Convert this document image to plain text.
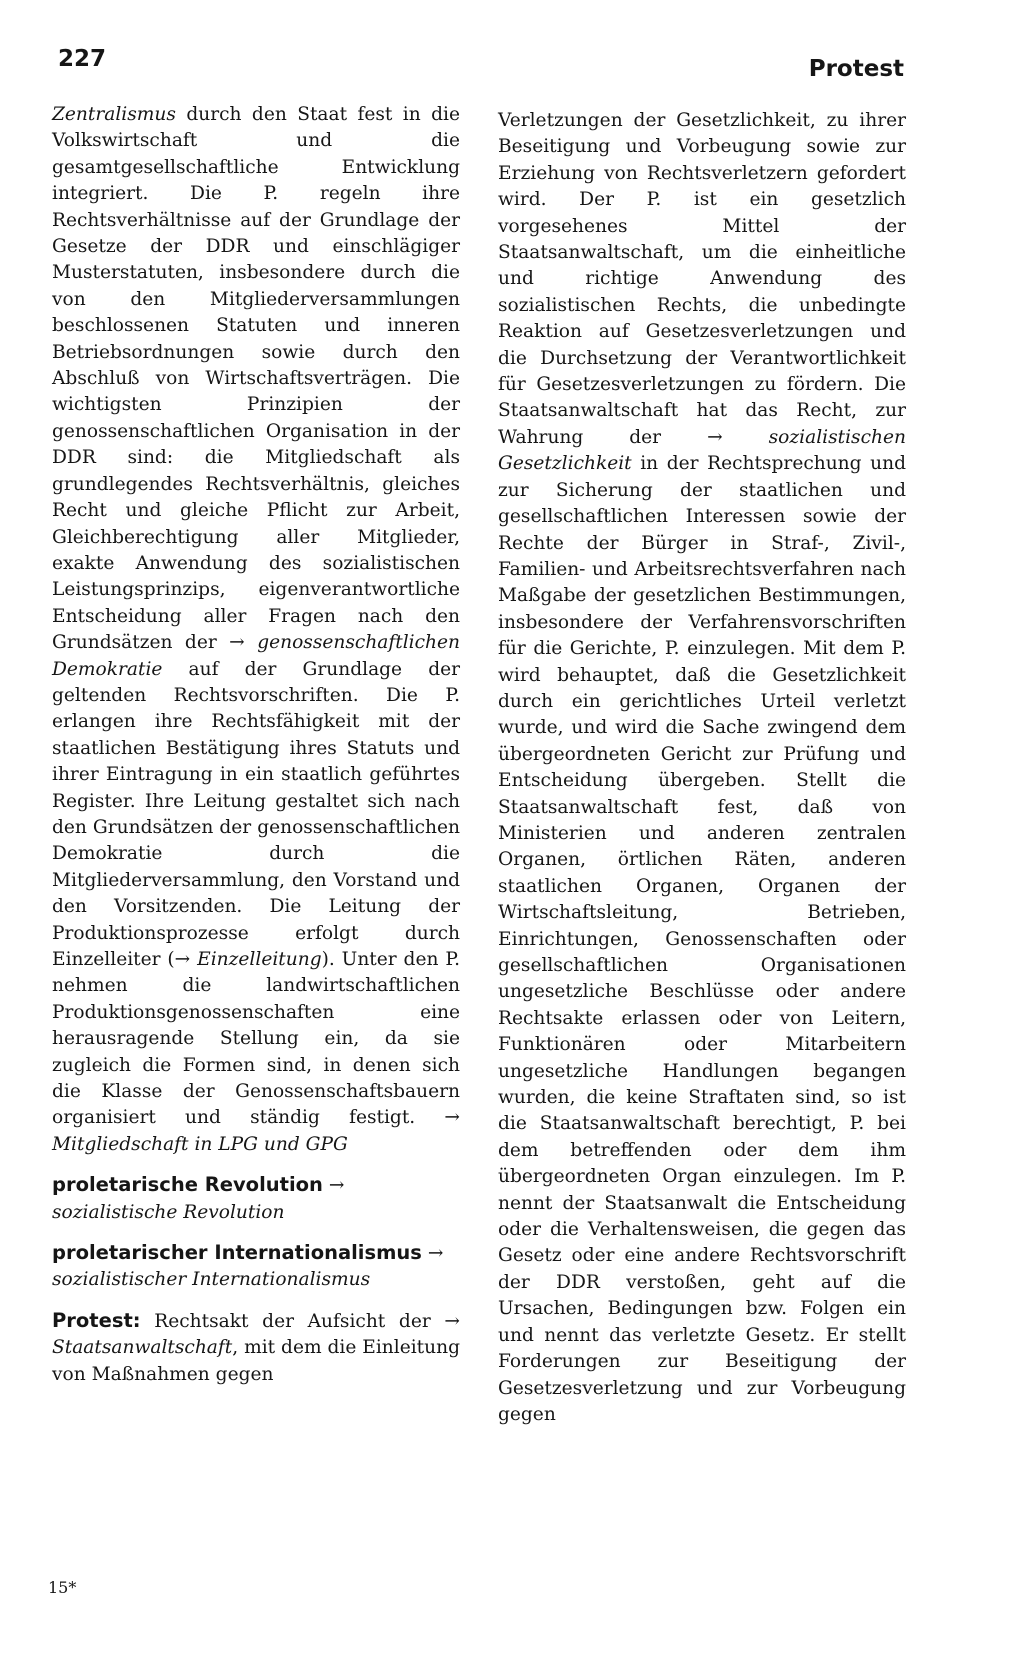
227	Protest

Zentralismus durch den Staat fest in die Volkswirtschaft und die gesamtgesellschaftliche Entwicklung integriert. Die P. regeln ihre Rechtsverhältnisse auf der Grundlage der Gesetze der DDR und einschlägiger Musterstatuten, insbesondere durch die von den Mitgliederversammlungen beschlossenen Statuten und inneren Betriebsordnungen sowie durch den Abschluß von Wirtschaftsverträgen. Die wichtigsten Prinzipien der genossenschaftlichen Organisation in der DDR sind: die Mitgliedschaft als grundlegendes Rechtsverhältnis, gleiches Recht und gleiche Pflicht zur Arbeit, Gleichberechtigung aller Mitglieder, exakte Anwendung des sozialistischen Leistungsprinzips, eigenverantwortliche Entscheidung aller Fragen nach den Grundsätzen der → genossenschaftlichen Demokratie auf der Grundlage der geltenden Rechtsvorschriften. Die P. erlangen ihre Rechtsfähigkeit mit der staatlichen Bestätigung ihres Statuts und ihrer Eintragung in ein staatlich geführtes Register. Ihre Leitung gestaltet sich nach den Grundsätzen der genossenschaftlichen Demokratie durch die Mitgliederversammlung, den Vorstand und den Vorsitzenden. Die Leitung der Produktionsprozesse erfolgt durch Einzelleiter (→ Einzelleitung). Unter den P. nehmen die landwirtschaftlichen Produktionsgenossenschaften eine herausragende Stellung ein, da sie zugleich die Formen sind, in denen sich die Klasse der Genossenschaftsbauern organisiert und ständig festigt. → Mitgliedschaft in LPG und GPG

proletarische Revolution → sozialistische Revolution

proletarischer Internationalismus → sozialistischer Internationalismus

Protest: Rechtsakt der Aufsicht der → Staatsanwaltschaft, mit dem die Einleitung von Maßnahmen gegen

Verletzungen der Gesetzlichkeit, zu ihrer Beseitigung und Vorbeugung sowie zur Erziehung von Rechtsverletzern gefordert wird. Der P. ist ein gesetzlich vorgesehenes Mittel der Staatsanwaltschaft, um die einheitliche und richtige Anwendung des sozialistischen Rechts, die unbedingte Reaktion auf Gesetzesverletzungen und die Durchsetzung der Verantwortlichkeit für Gesetzesverletzungen zu fördern. Die Staatsanwaltschaft hat das Recht, zur Wahrung der → sozialistischen Gesetzlichkeit in der Rechtsprechung und zur Sicherung der staatlichen und gesellschaftlichen Interessen sowie der Rechte der Bürger in Straf-, Zivil-, Familien- und Arbeitsrechtsverfahren nach Maßgabe der gesetzlichen Bestimmungen, insbesondere der Verfahrensvorschriften für die Gerichte, P. einzulegen. Mit dem P. wird behauptet, daß die Gesetzlichkeit durch ein gerichtliches Urteil verletzt wurde, und wird die Sache zwingend dem übergeordneten Gericht zur Prüfung und Entscheidung übergeben. Stellt die Staatsanwaltschaft fest, daß von Ministerien und anderen zentralen Organen, örtlichen Räten, anderen staatlichen Organen, Organen der Wirtschaftsleitung, Betrieben, Einrichtungen, Genossenschaften oder gesellschaftlichen Organisationen ungesetzliche Beschlüsse oder andere Rechtsakte erlassen oder von Leitern, Funktionären oder Mitarbeitern ungesetzliche Handlungen begangen wurden, die keine Straftaten sind, so ist die Staatsanwaltschaft berechtigt, P. bei dem betreffenden oder dem ihm übergeordneten Organ einzulegen. Im P. nennt der Staatsanwalt die Entscheidung oder die Verhaltensweisen, die gegen das Gesetz oder eine andere Rechtsvorschrift der DDR verstoßen, geht auf die Ursachen, Bedingungen bzw. Folgen ein und nennt das verletzte Gesetz. Er stellt Forderungen zur Beseitigung der Gesetzesverletzung und zur Vorbeugung gegen

15*
